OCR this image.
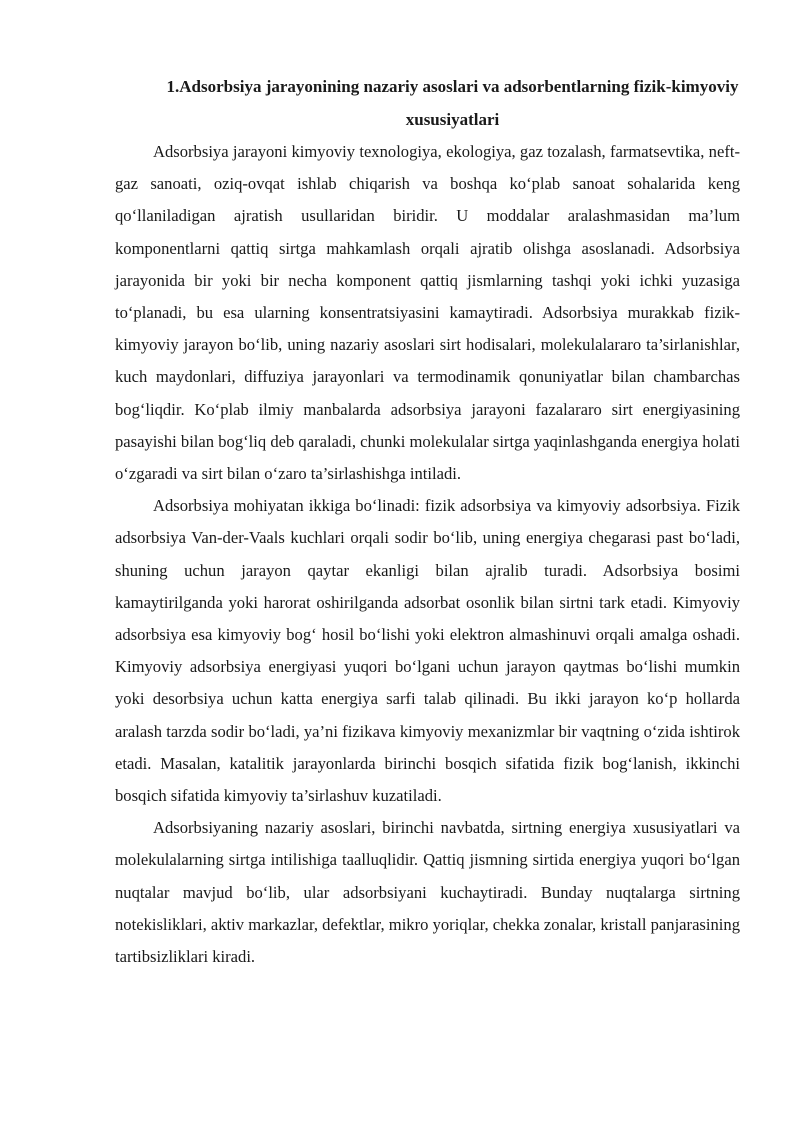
1.Adsorbsiya jarayonining nazariy asoslari va adsorbentlarning fizik-kimyoviy xususiyatlari

Adsorbsiya jarayoni kimyoviy texnologiya, ekologiya, gaz tozalash, farmatsevtika, neft-gaz sanoati, oziq-ovqat ishlab chiqarish va boshqa ko‘plab sanoat sohalarida keng qo‘llaniladigan ajratish usullaridan biridir. U moddalar aralashmasidan ma’lum komponentlarni qattiq sirtga mahkamlash orqali ajratib olishga asoslanadi. Adsorbsiya jarayonida bir yoki bir necha komponent qattiq jismlarning tashqi yoki ichki yuzasiga to‘planadi, bu esa ularning konsentratsiyasini kamaytiradi. Adsorbsiya murakkab fizik-kimyoviy jarayon bo‘lib, uning nazariy asoslari sirt hodisalari, molekulalararo ta’sirlanishlar, kuch maydonlari, diffuziya jarayonlari va termodinamik qonuniyatlar bilan chambarchas bog‘liqdir. Ko‘plab ilmiy manbalarda adsorbsiya jarayoni fazalararo sirt energiyasining pasayishi bilan bog‘liq deb qaraladi, chunki molekulalar sirtga yaqinlashganda energiya holati o‘zgaradi va sirt bilan o‘zaro ta’sirlashishga intiladi.

Adsorbsiya mohiyatan ikkiga bo‘linadi: fizik adsorbsiya va kimyoviy adsorbsiya. Fizik adsorbsiya Van-der-Vaals kuchlari orqali sodir bo‘lib, uning energiya chegarasi past bo‘ladi, shuning uchun jarayon qaytar ekanligi bilan ajralib turadi. Adsorbsiya bosimi kamaytirilganda yoki harorat oshirilganda adsorbat osonlik bilan sirtni tark etadi. Kimyoviy adsorbsiya esa kimyoviy bog‘ hosil bo‘lishi yoki elektron almashinuvi orqali amalga oshadi. Kimyoviy adsorbsiya energiyasi yuqori bo‘lgani uchun jarayon qaytmas bo‘lishi mumkin yoki desorbsiya uchun katta energiya sarfi talab qilinadi. Bu ikki jarayon ko‘p hollarda aralash tarzda sodir bo‘ladi, ya’ni fizikava kimyoviy mexanizmlar bir vaqtning o‘zida ishtirok etadi. Masalan, katalitik jarayonlarda birinchi bosqich sifatida fizik bog‘lanish, ikkinchi bosqich sifatida kimyoviy ta’sirlashuv kuzatiladi.

Adsorbsiyaning nazariy asoslari, birinchi navbatda, sirtning energiya xususiyatlari va molekulalarning sirtga intilishiga taalluqlidir. Qattiq jismning sirtida energiya yuqori bo‘lgan nuqtalar mavjud bo‘lib, ular adsorbsiyani kuchaytiradi. Bunday nuqtalarga sirtning notekisliklari, aktiv markazlar, defektlar, mikro yoriqlar, chekka zonalar, kristall panjarasining tartibsizliklari kiradi.
